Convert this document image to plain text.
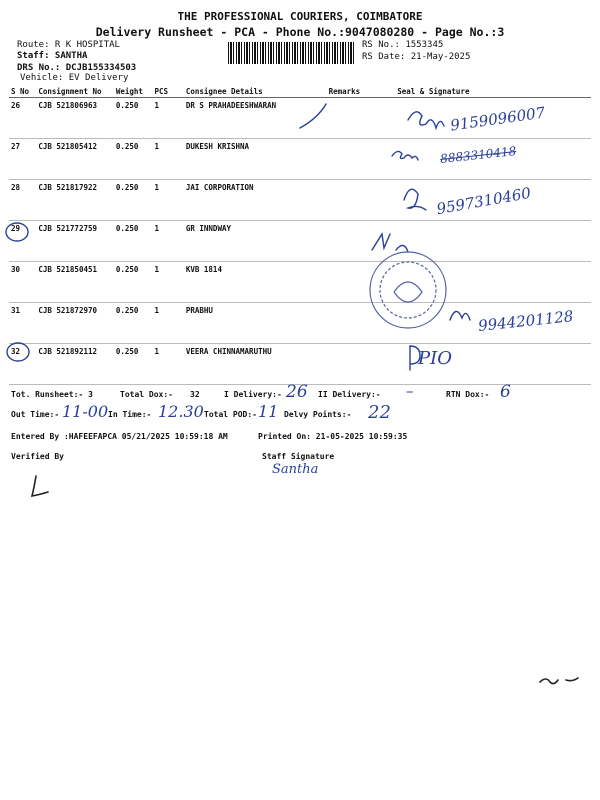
THE PROFESSIONAL COURIERS, COIMBATORE
Delivery Runsheet - PCA - Phone No.:9047080280 - Page No.:3
Route: R K HOSPITAL
Staff: SANTHA
DRS No.: DCJB155334503
Vehicle: EV Delivery
RS No.: 1553345
RS Date: 21-May-2025
S No	Consignment No	Weight	PCS	Consignee Details	Remarks	Seal & Signature
26	CJB 521806963	0.250	1	DR S PRAHADEESHWARAN		
27	CJB 521805412	0.250	1	DUKESH KRISHNA		
28	CJB 521817922	0.250	1	JAI CORPORATION		
29	CJB 521772759	0.250	1	GR INNDWAY		
30	CJB 521850451	0.250	1	KVB 1814		
31	CJB 521872970	0.250	1	PRABHU		
32	CJB 521892112	0.250	1	VEERA CHINNAMARUTHU		
9159096007
8883310418
9597310460
9944201128
PIO
Tot. Runsheet:- 3	Total Dox:- 32	I Delivery:- 26 II Delivery:- –	RTN Dox:- 6
Out Time:- 11-00 In Time:- 12.30 Total POD:- 11 Delvy Points:- 22
Entered By :HAFEEFAPCA 05/21/2025 10:59:18 AM	Printed On: 21-05-2025 10:59:35
Verified By	Staff Signature
Santha
